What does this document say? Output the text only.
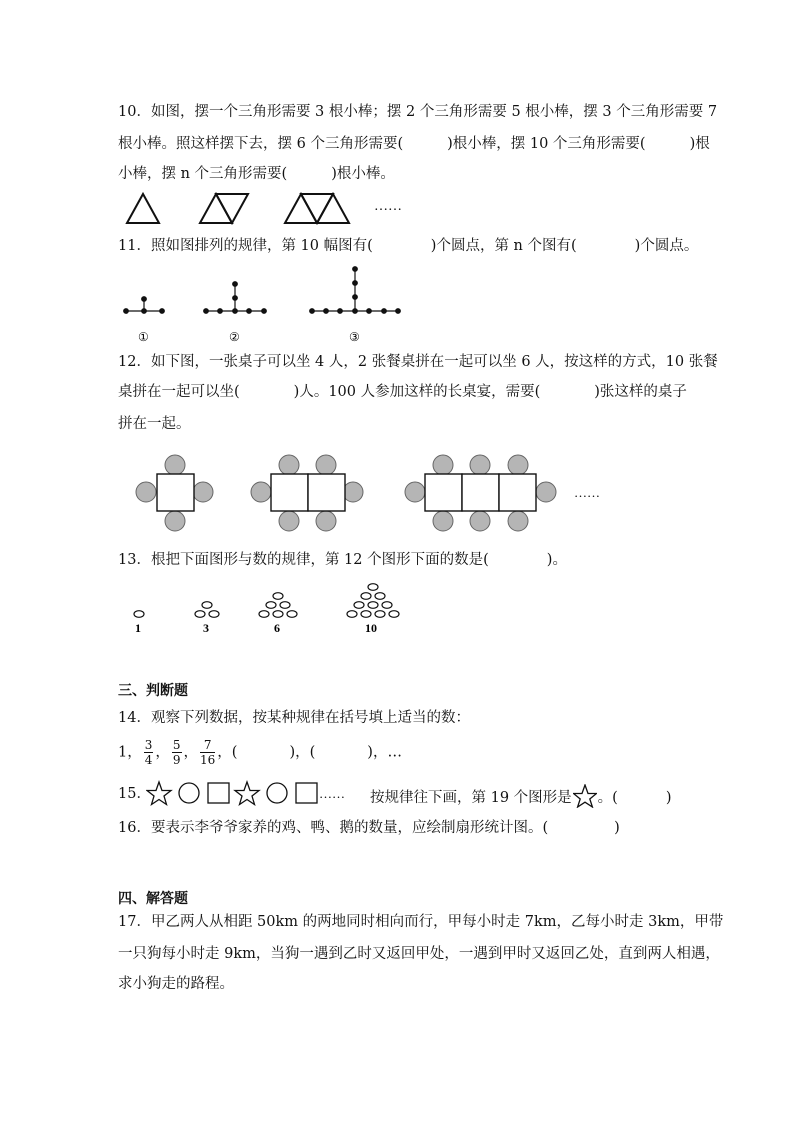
10．如图，摆一个三角形需要 3 根小棒；摆 2 个三角形需要 5 根小棒，摆 3 个三角形需要 7
根小棒。照这样摆下去，摆 6 个三角形需要(	)根小棒，摆 10 个三角形需要(	)根
小棒，摆 n 个三角形需要(	)根小棒。
……
11．照如图排列的规律，第 10 幅图有(	)个圆点，第 n 个图有(	)个圆点。
①	②	③
12．如下图，一张桌子可以坐 4 人，2 张餐桌拼在一起可以坐 6 人，按这样的方式，10 张餐
桌拼在一起可以坐(	)人。100 人参加这样的长桌宴，需要(	)张这样的桌子
拼在一起。
……
13．根把下面图形与数的规律，第 12 个图形下面的数是(	)。
1	3	6	10
三、判断题
14．观察下列数据，按某种规律在括号填上适当的数：
1， $\frac{3}{4}$ ， $\frac{5}{9}$ ， $\frac{7}{16}$ ，(	)，(	)，…
15．	…… 按规律往下画，第 19 个图形是 。(	)
16．要表示李爷爷家养的鸡、鸭、鹅的数量，应绘制扇形统计图。(	)
四、解答题
17．甲乙两人从相距 50km 的两地同时相向而行，甲每小时走 7km，乙每小时走 3km，甲带
一只狗每小时走 9km，当狗一遇到乙时又返回甲处，一遇到甲时又返回乙处，直到两人相遇，
求小狗走的路程。
